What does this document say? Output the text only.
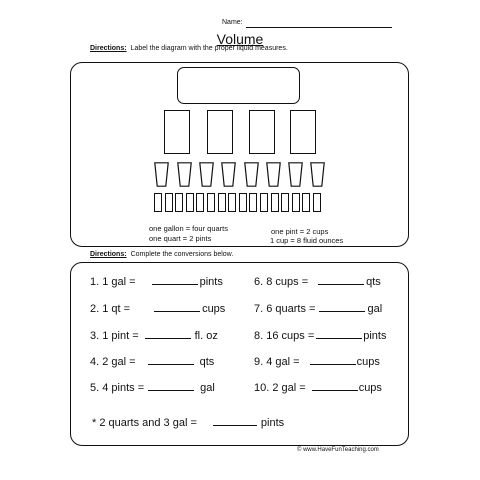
Name:
Volume
Directions: Label the diagram with the proper liquid measures.
one gallon = four quarts
one quart = 2 pints
one pint = 2 cups
1 cup = 8 fluid ounces
Directions: Complete the conversions below.
1. 1 gal =	pints
2. 1 qt =	cups
3. 1 pint =	fl. oz
4. 2 gal =	qts
5. 4 pints =	gal
6. 8 cups =	qts
7. 6 quarts =	gal
8. 16 cups =	pints
9. 4 gal =	cups
10. 2 gal =	cups
* 2 quarts and 3 gal =	pints
© www.HaveFunTeaching.com
